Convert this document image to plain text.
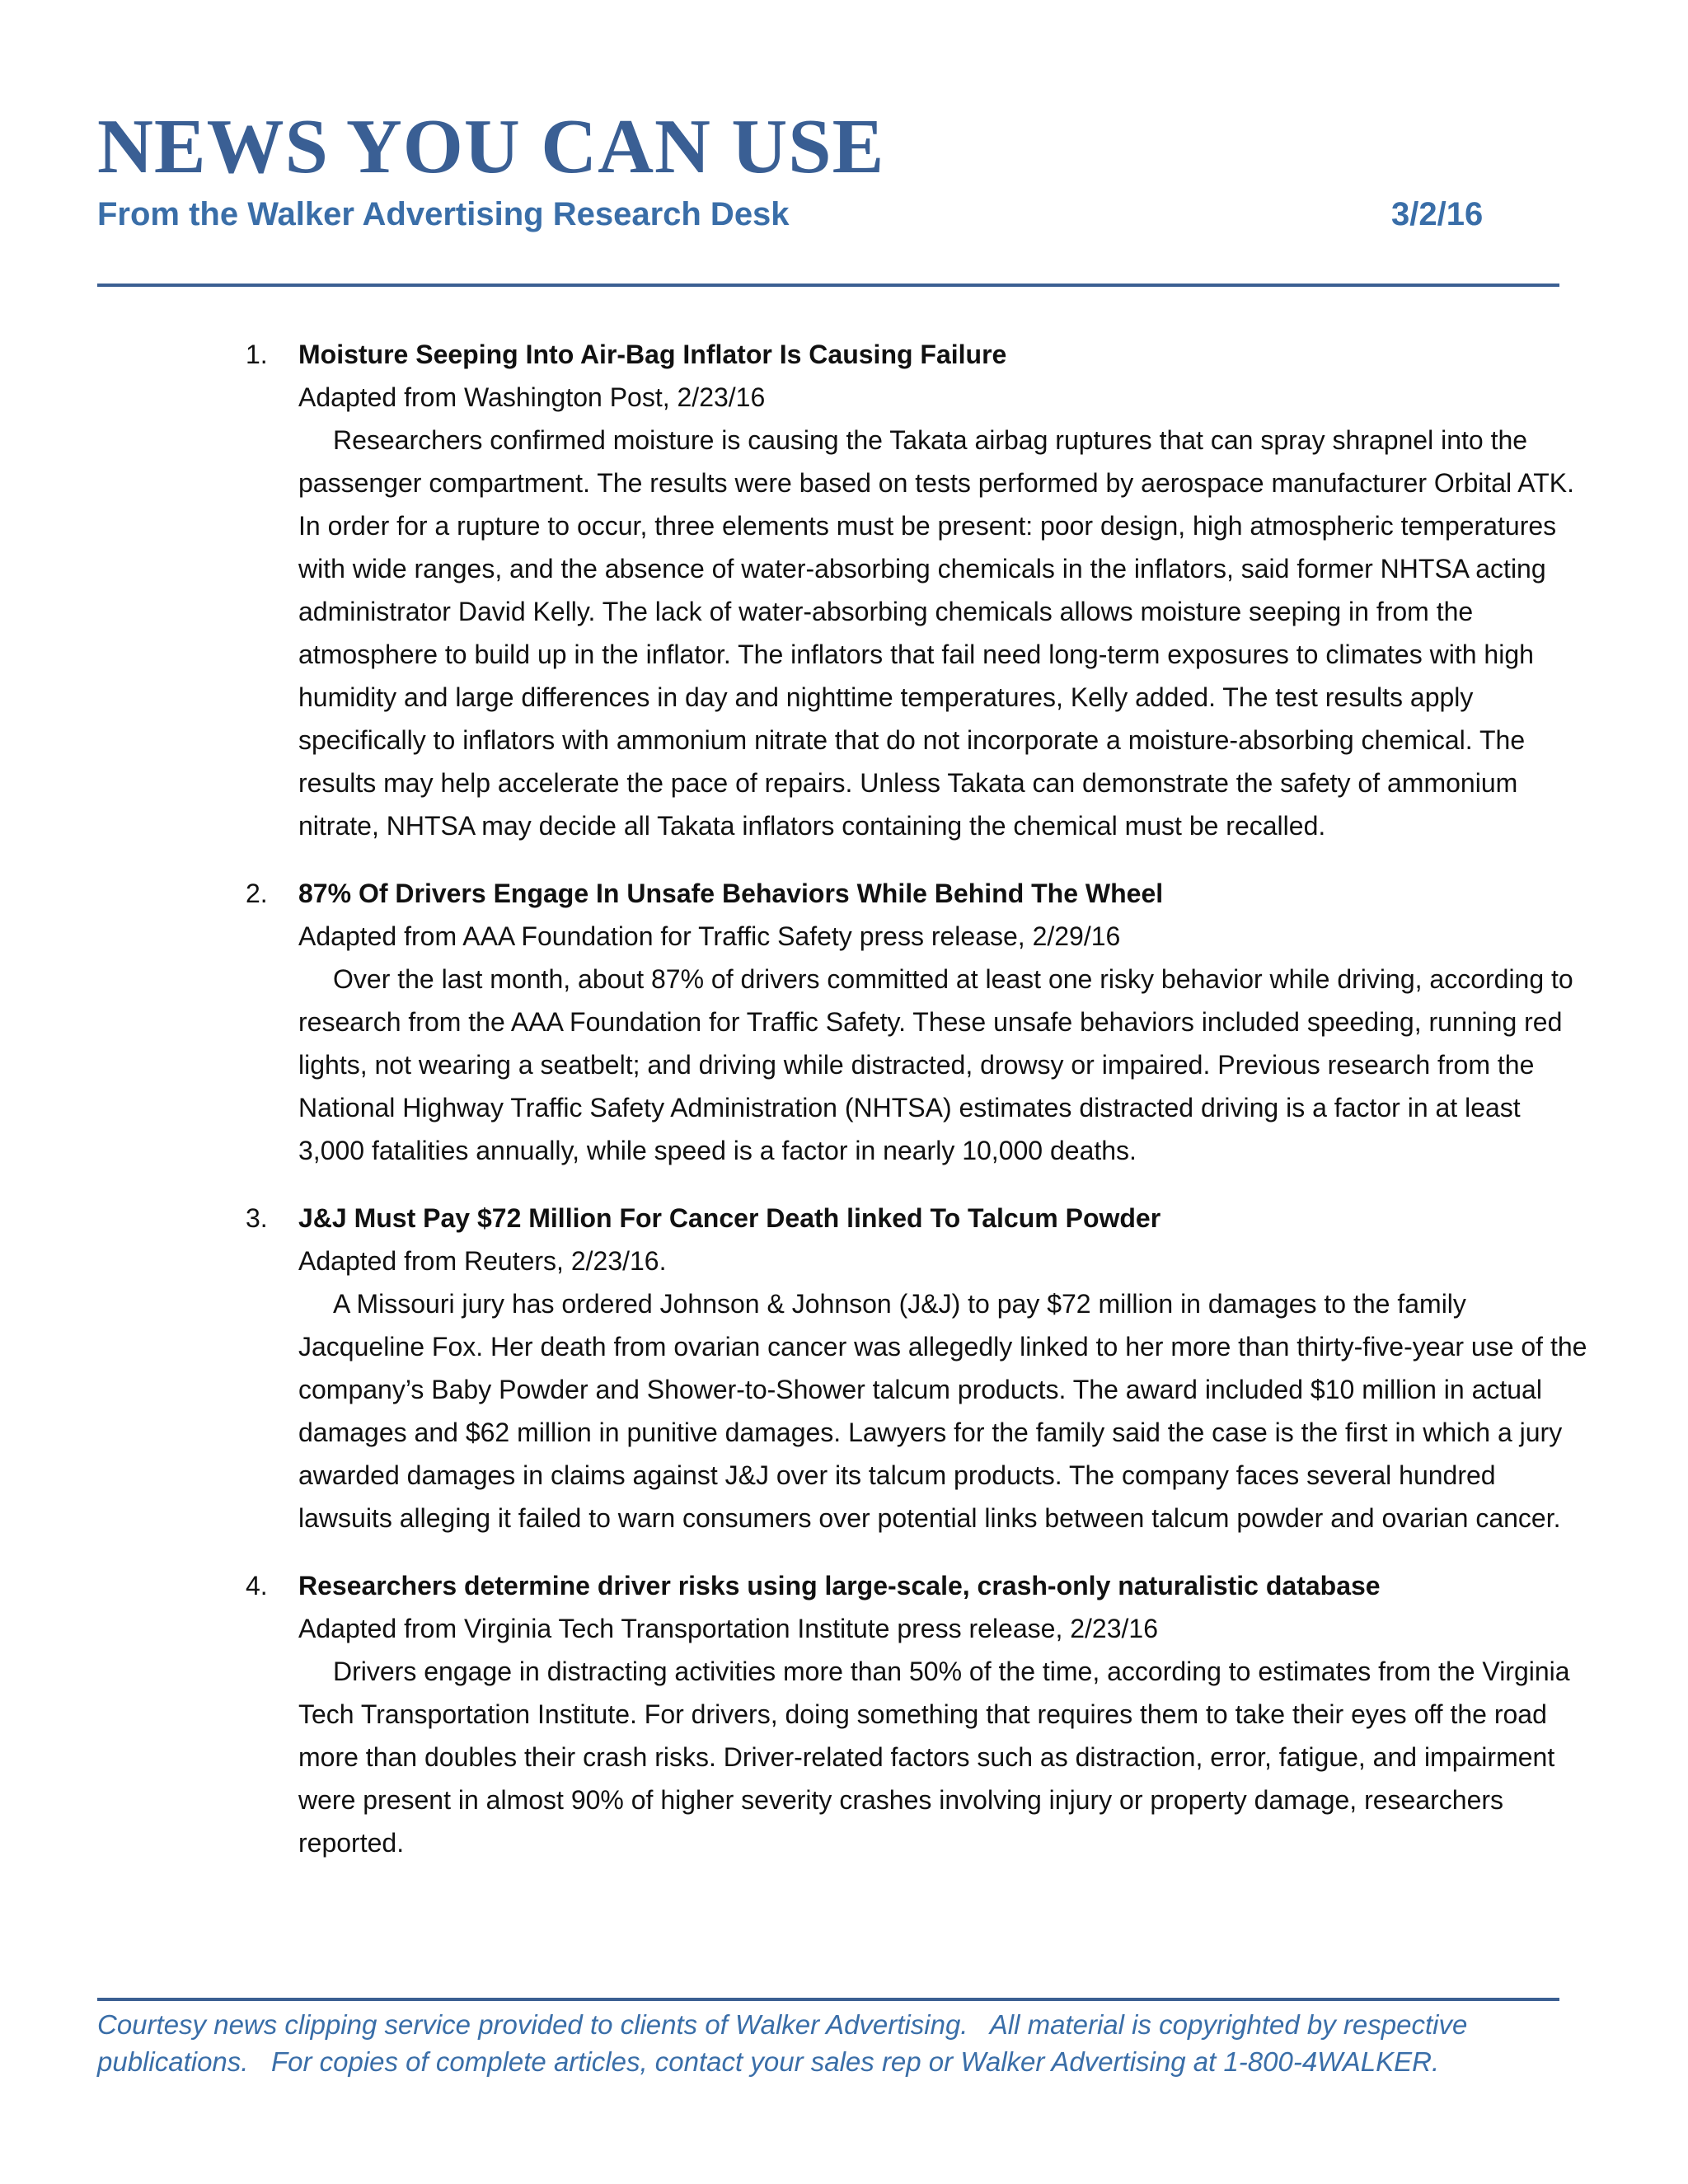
NEWS YOU CAN USE
From the Walker Advertising Research Desk	3/2/16
1. Moisture Seeping Into Air-Bag Inflator Is Causing Failure
Adapted from Washington Post, 2/23/16
Researchers confirmed moisture is causing the Takata airbag ruptures that can spray shrapnel into the passenger compartment. The results were based on tests performed by aerospace manufacturer Orbital ATK. In order for a rupture to occur, three elements must be present: poor design, high atmospheric temperatures with wide ranges, and the absence of water-absorbing chemicals in the inflators, said former NHTSA acting administrator David Kelly. The lack of water-absorbing chemicals allows moisture seeping in from the atmosphere to build up in the inflator. The inflators that fail need long-term exposures to climates with high humidity and large differences in day and nighttime temperatures, Kelly added. The test results apply specifically to inflators with ammonium nitrate that do not incorporate a moisture-absorbing chemical. The results may help accelerate the pace of repairs. Unless Takata can demonstrate the safety of ammonium nitrate, NHTSA may decide all Takata inflators containing the chemical must be recalled.
2. 87% Of Drivers Engage In Unsafe Behaviors While Behind The Wheel
Adapted from AAA Foundation for Traffic Safety press release, 2/29/16
Over the last month, about 87% of drivers committed at least one risky behavior while driving, according to research from the AAA Foundation for Traffic Safety. These unsafe behaviors included speeding, running red lights, not wearing a seatbelt; and driving while distracted, drowsy or impaired. Previous research from the National Highway Traffic Safety Administration (NHTSA) estimates distracted driving is a factor in at least 3,000 fatalities annually, while speed is a factor in nearly 10,000 deaths.
3. J&J Must Pay $72 Million For Cancer Death linked To Talcum Powder
Adapted from Reuters, 2/23/16.
A Missouri jury has ordered Johnson & Johnson (J&J) to pay $72 million in damages to the family Jacqueline Fox. Her death from ovarian cancer was allegedly linked to her more than thirty-five-year use of the company’s Baby Powder and Shower-to-Shower talcum products. The award included $10 million in actual damages and $62 million in punitive damages. Lawyers for the family said the case is the first in which a jury awarded damages in claims against J&J over its talcum products. The company faces several hundred lawsuits alleging it failed to warn consumers over potential links between talcum powder and ovarian cancer.
4. Researchers determine driver risks using large-scale, crash-only naturalistic database
Adapted from Virginia Tech Transportation Institute press release, 2/23/16
Drivers engage in distracting activities more than 50% of the time, according to estimates from the Virginia Tech Transportation Institute. For drivers, doing something that requires them to take their eyes off the road more than doubles their crash risks. Driver-related factors such as distraction, error, fatigue, and impairment were present in almost 90% of higher severity crashes involving injury or property damage, researchers reported.
Courtesy news clipping service provided to clients of Walker Advertising.   All material is copyrighted by respective publications.   For copies of complete articles, contact your sales rep or Walker Advertising at 1-800-4WALKER.
